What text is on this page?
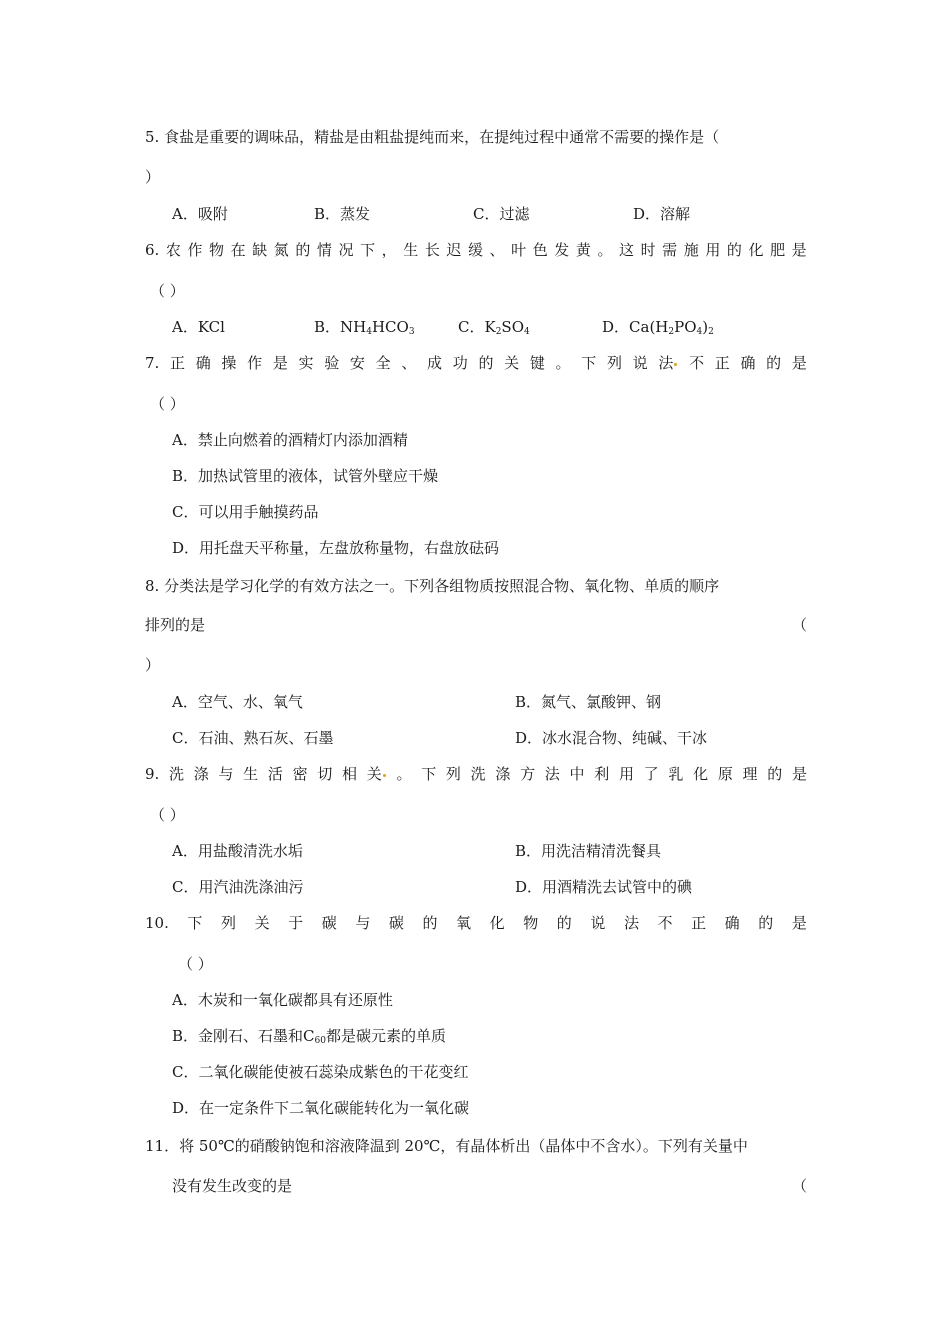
5. 食盐是重要的调味品，精盐是由粗盐提纯而来，在提纯过程中通常不需要的操作是（
）
A．吸附	B．蒸发	C．过滤	D．溶解
6. 农 作 物 在 缺 氮 的 情 况 下 ， 生 长 迟 缓 、 叶 色 发 黄 。 这 时 需 施 用 的 化 肥 是
（ ）
A．KCl	B．$NH_4HCO_3$	C．$K_2SO_4$	D．$Ca(H_2PO_4)_2$
7. 正 确 操 作 是 实 验 安 全 、 成 功 的 关 键 。 下 列 说 法	不 正 确 的 是
（ ）
A．禁止向燃着的酒精灯内添加酒精
B．加热试管里的液体，试管外壁应干燥
C．可以用手触摸药品
D．用托盘天平称量，左盘放称量物，右盘放砝码
8. 分类法是学习化学的有效方法之一。下列各组物质按照混合物、氧化物、单质的顺序
排列的是	（
）
A．空气、水、氧气	B．氮气、氯酸钾、钢
C．石油、熟石灰、石墨	D．冰水混合物、纯碱、干冰
9. 洗 涤 与 生 活 密 切 相 关 。 下 列 洗 涤 方 法 中 利 用 了 乳 化 原 理 的 是
（ ）
A．用盐酸清洗水垢	B．用洗洁精清洗餐具
C．用汽油洗涤油污	D．用酒精洗去试管中的碘
10. 下 列 关 于 碳 与 碳 的 氧 化 物 的 说 法 不 正 确 的 是
（ ）
A．木炭和一氧化碳都具有还原性
B．金刚石、石墨和$C_{60}$都是碳元素的单质
C．二氧化碳能使被石蕊染成紫色的干花变红
D．在一定条件下二氧化碳能转化为一氧化碳
11．将 50℃的硝酸钠饱和溶液降温到 20℃，有晶体析出（晶体中不含水）。下列有关量中
没有发生改变的是	（
